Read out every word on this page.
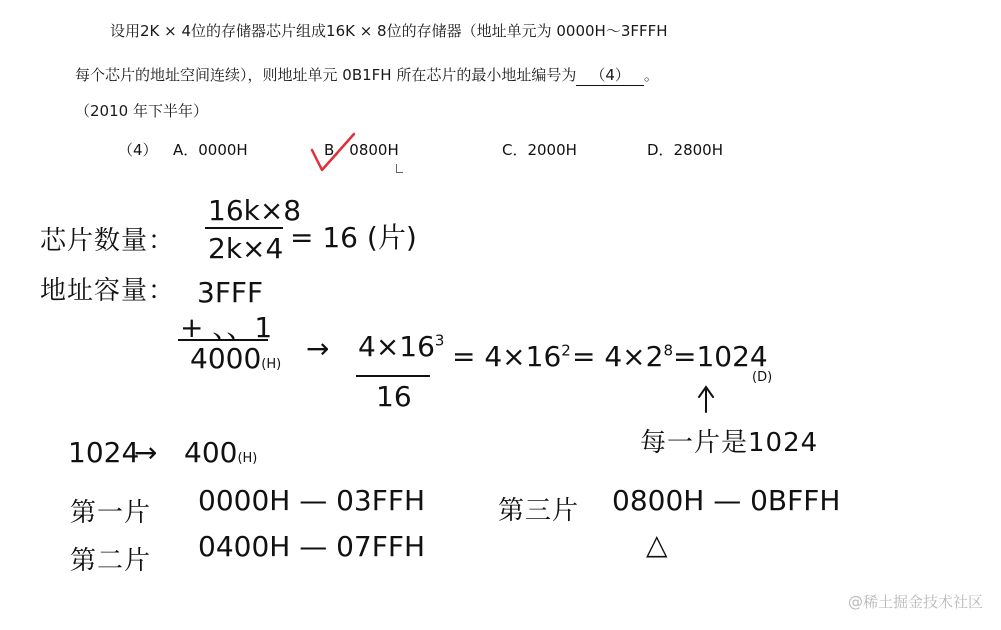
设用2K × 4位的存储器芯片组成16K × 8位的存储器（地址单元为 0000H～3FFFH
每个芯片的地址空间连续），则地址单元 0B1FH 所在芯片的最小地址编号为 （4） 。
（2010 年下半年）
（4） A．0000H	B．0800H	C．2000H	D．2800H
芯片数量：
16k×8
2k×4 = 16 (片)
地址容量： 3FFF
+ 、、1
$4000(H) \to 4\times 16^3$
16
= $4\times 16^2 = 4\times 2^8=1024$
(D)
每一片是1024
1024
→ 400(H)
第一片 0000H — 03FFH
第二片 0400H — 07FFH
第三片 0800H — 0BFFH
△
@稀土掘金技术社区
